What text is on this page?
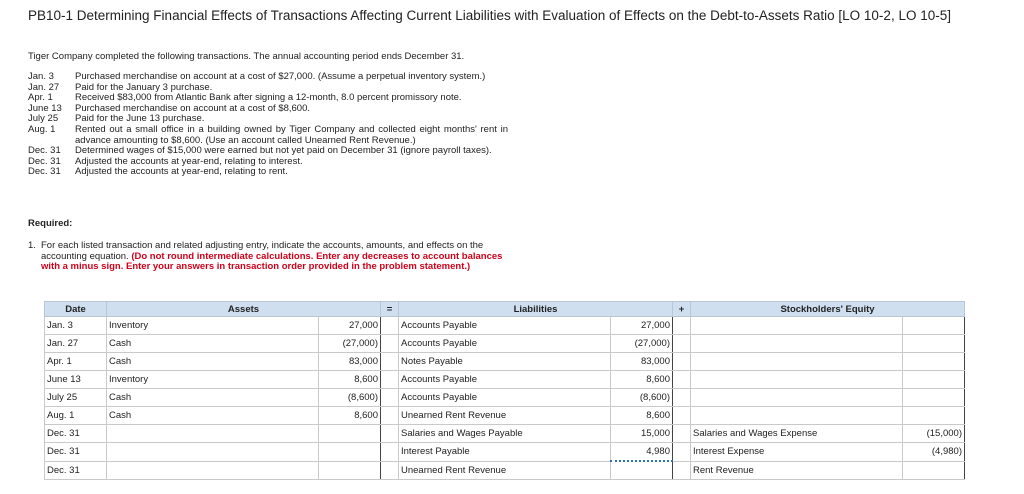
PB10-1 Determining Financial Effects of Transactions Affecting Current Liabilities with Evaluation of Effects on the Debt-to-Assets Ratio [LO 10-2, LO 10-5]
Tiger Company completed the following transactions. The annual accounting period ends December 31.
Jan. 3	Purchased merchandise on account at a cost of $27,000. (Assume a perpetual inventory system.)
Jan. 27	Paid for the January 3 purchase.
Apr. 1	Received $83,000 from Atlantic Bank after signing a 12-month, 8.0 percent promissory note.
June 13	Purchased merchandise on account at a cost of $8,600.
July 25	Paid for the June 13 purchase.
Aug. 1	Rented out a small office in a building owned by Tiger Company and collected eight months' rent in advance amounting to $8,600. (Use an account called Unearned Rent Revenue.)
Dec. 31	Determined wages of $15,000 were earned but not yet paid on December 31 (ignore payroll taxes).
Dec. 31	Adjusted the accounts at year-end, relating to interest.
Dec. 31	Adjusted the accounts at year-end, relating to rent.
Required:
1. For each listed transaction and related adjusting entry, indicate the accounts, amounts, and effects on the accounting equation. (Do not round intermediate calculations. Enter any decreases to account balances with a minus sign. Enter your answers in transaction order provided in the problem statement.)
Date	Assets		=	Liabilities		+	Stockholders' Equity	
Jan. 3	Inventory	27,000		Accounts Payable	27,000			
Jan. 27	Cash	(27,000)		Accounts Payable	(27,000)			
Apr. 1	Cash	83,000		Notes Payable	83,000			
June 13	Inventory	8,600		Accounts Payable	8,600			
July 25	Cash	(8,600)		Accounts Payable	(8,600)			
Aug. 1	Cash	8,600		Unearned Rent Revenue	8,600			
Dec. 31				Salaries and Wages Payable	15,000		Salaries and Wages Expense	(15,000)
Dec. 31				Interest Payable	4,980		Interest Expense	(4,980)
Dec. 31				Unearned Rent Revenue			Rent Revenue	
